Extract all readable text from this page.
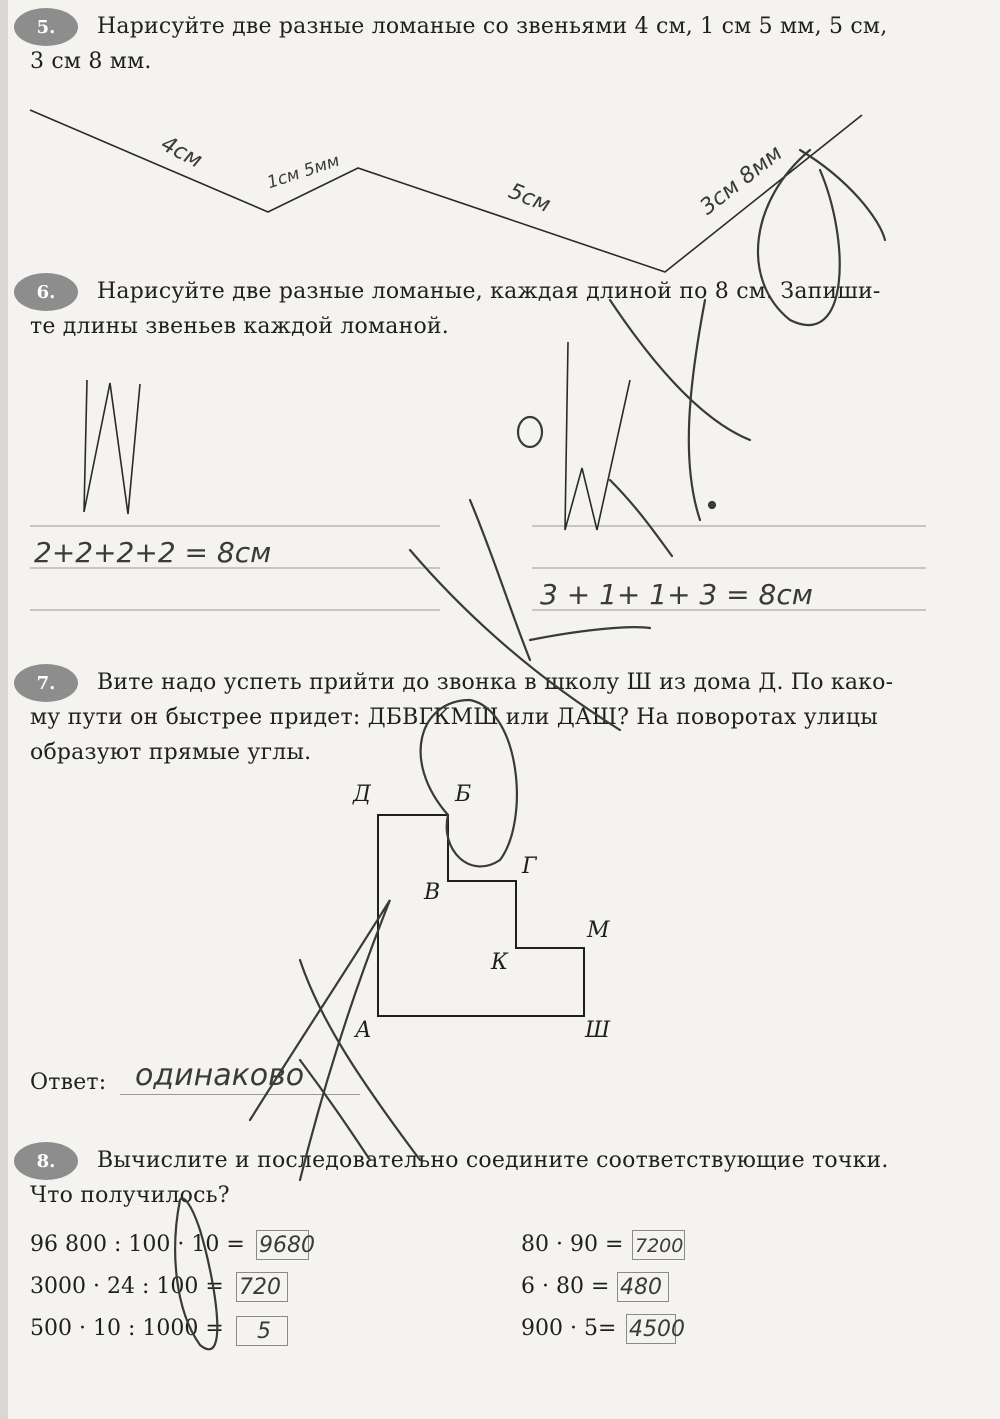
5.	Нарисуйте две разные ломаные со звеньями 4 см, 1 см 5 мм, 5 см,
3 см 8 мм.
6.	Нарисуйте две разные ломаные, каждая длиной по 8 см. Запиши-
те длины звеньев каждой ломаной.
7.	Вите надо успеть прийти до звонка в школу Ш из дома Д. По како-
му пути он быстрее придет: ДБВГКМШ или ДАШ? На поворотах улицы
образуют прямые углы.
Д	Б
Г
В
М
К
А	Ш
Ответ: одинаково
8.	Вычислите и последовательно соедините соответствующие точки.
Что получилось?
96 800 : 100 · 10 = 9680
3000 · 24 : 100 = 720
500 · 10 : 1000 =	5
80 · 90 = 7200
6 · 80 = 480
900 · 5= 4500
4см	1см 5мм
5см	3см 8мм
2+2+2+2 = 8см
3 + 1+ 1+ 3 = 8см
